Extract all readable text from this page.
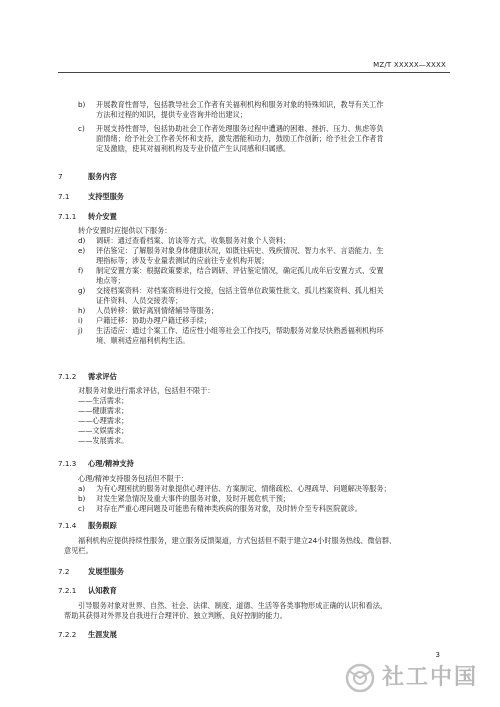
MZ/T XXXXX—XXXX
b) 开展教育性督导，包括教导社会工作者有关福利机构和服务对象的特殊知识，教导有关工作
方法和过程的知识，提供专业咨询并给出建议；
c) 开展支持性督导，包括协助社会工作者处理服务过程中遭遇的困难、挫折、压力、焦虑等负
面情绪；给予社会工作者关怀和支持，激发潜能和动力，鼓励工作创新；给予社会工作者肯
定及激励，使其对福利机构及专业价值产生认同感和归属感。
7	服务内容
7.1	支持型服务
7.1.1 转介安置
转介安置时应提供以下服务：
d) 调研：通过查看档案、访谈等方式，收集服务对象个人资料；
e) 评估鉴定：了解服务对象身体健康状况，如既往病史、残疾情况、智力水平、言语能力、生
理指标等；涉及专业量表测试的应前往专业机构开展；
f) 制定安置方案：根据政策要求，结合调研、评估鉴定情况，确定孤儿成年后安置方式、安置
地点等；
g) 交接档案资料：对档案资料进行交接，包括主管单位政策性批文、孤儿档案资料、孤儿相关
证件资料、人员交接表等；
h) 人员转移：做好离别情绪辅导等服务；
i) 户籍迁移：协助办理户籍迁移手续；
j) 生活适应：通过个案工作、适应性小组等社会工作技巧，帮助服务对象尽快熟悉福利机构环
境、顺利适应福利机构生活。
7.1.2 需求评估
对服务对象进行需求评估，包括但不限于：
——生活需求；
——健康需求；
——心理需求；
——文娱需求；
——发展需求。
7.1.3 心理/精神支持
心理/精神支持服务包括但不限于：
a) 为有心理困扰的服务对象提供心理评估、方案制定、情绪疏松、心理疏导、问题解决等服务；
b) 对发生紧急情况及重大事件的服务对象，及时开展危机干预；
c) 对存在严重心理问题及可能患有精神类疾病的服务对象，及时转介至专科医院就诊。
7.1.4 服务跟踪
福利机构应提供持续性服务，建立服务反馈渠道，方式包括但不限于建立24小时服务热线、微信群、
意见栏。
7.2	发展型服务
7.2.1 认知教育
引导服务对象对世界、自然、社会、法律、制度、道德、生活等各类事物形成正确的认识和看法，
帮助其获得对外界及自我进行合理评价、独立判断、良好控制的能力。
7.2.2 生涯发展
3
社工中国
